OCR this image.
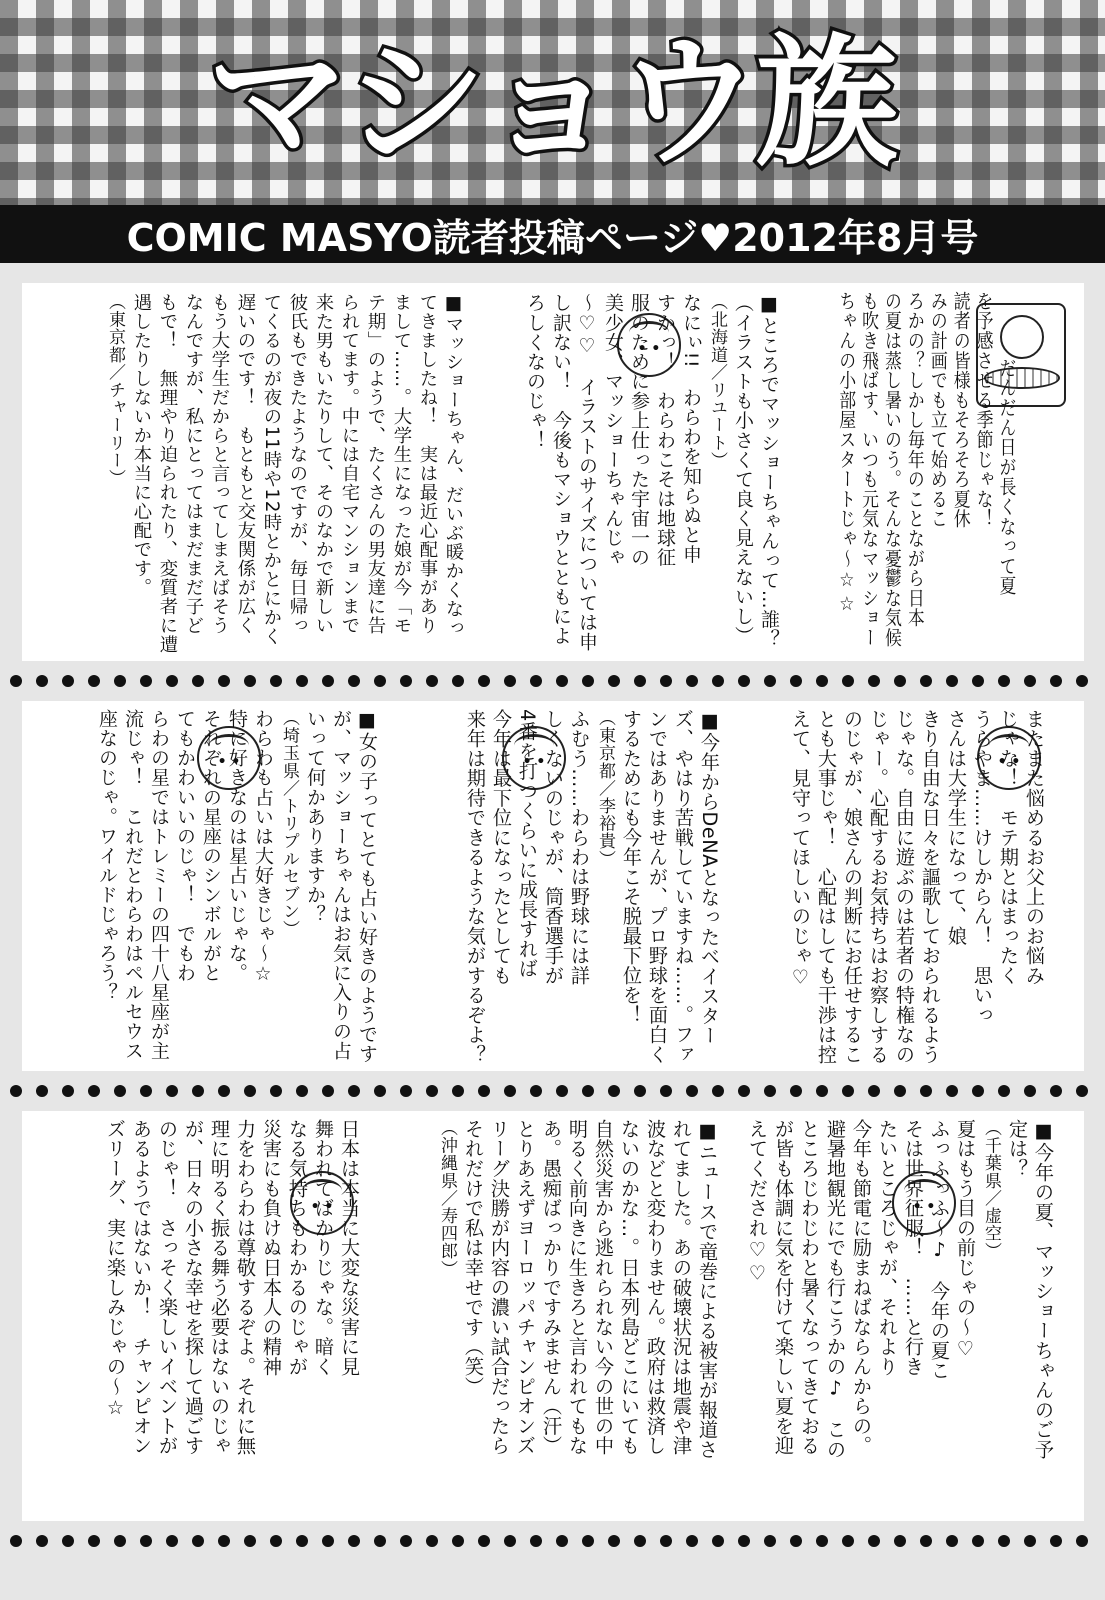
マショウ族
COMIC MASYO読者投稿ページ♥2012年8月号

だんだん日が長くなって夏
を予感させる季節じゃな！
読者の皆様もそろそろ夏休
みの計画でも立て始めるこ
ろかの？しかし毎年のことながら日本
の夏は蒸し暑いのう。そんな憂鬱な気候
も吹き飛ばす、いつも元気なマッショー
ちゃんの小部屋スタートじゃ～☆☆

• •
■ところでマッショーちゃんって…誰？
（イラストも小さくて良く見えないし）
（北海道／リユート）
なにぃ!!　わらわを知らぬと申
すかっ！　わらわこそは地球征
服のために参上仕った宇宙一の
美少女、マッショーちゃんじゃ
～♡♡　イラストのサイズについては申
し訳ない！　今後もマショウとともによ
ろしくなのじゃ！
■マッショーちゃん、だいぶ暖かくなっ
てきましたね！　実は最近心配事があり
まして……。大学生になった娘が今「モ
テ期」のようで、たくさんの男友達に告
られてます。中には自宅マンションまで
来た男もいたりして、そのなかで新しい
彼氏もできたようなのですが、毎日帰っ
てくるのが夜の11時や12時とかとにかく
遅いのです！　もともと交友関係が広く
もう大学生だからと言ってしまえばそう
なんですが、私にとってはまだまだ子ど
もで！　無理やり迫られたり、変質者に遭
遇したりしないか本当に心配です。
（東京都／チャーリー）
• •
またまた悩めるお父上のお悩み
じゃな！　モテ期とはまったく
うらやま……けしからん！　思いっ
さんは大学生になって、娘
きり自由な日々を謳歌しておられるよう
じゃな。自由に遊ぶのは若者の特権なの
じゃー。心配するお気持ちはお察しする
のじゃが、娘さんの判断にお任せするこ
とも大事じゃ！　心配はしても干渉は控
えて、見守ってほしいのじゃ♡
• •
■今年からDeNAとなったベイスター
ズ、やはり苦戦していますね……。ファ
ンではありませんが、プロ野球を面白く
するためにも今年こそ脱最下位を！
（東京都／李裕貴）
ふむう……わらわは野球には詳
しくないのじゃが、筒香選手が
4番を打つくらいに成長すれば
今年は最下位になったとしても
来年は期待できるような気がするぞよ？
• •
■女の子ってとても占い好きのようです
が、マッショーちゃんはお気に入りの占
いって何かありますか？
（埼玉県／トリプルセブン）
わらわも占いは大好きじゃ～☆
特に好きなのは星占いじゃな。
それぞれの星座のシンボルがと
てもかわいいのじゃ！　でもわ
らわの星ではトレミーの四十八星座が主
流じゃ！　これだとわらわはペルセウス
座なのじゃ。ワイルドじゃろう？
• •
■今年の夏、マッショーちゃんのご予
定は？
（千葉県／虚空）
夏はもう目の前じゃの～♡
ふっふっふ～♪　今年の夏こ
そは世界征服！　……と行き
たいところじゃが、それより
今年も節電に励まねばならんからの。
避暑地観光にでも行こうかの♪　この
ところじわじわと暑くなってきておる
が皆も体調に気を付けて楽しい夏を迎
えてくだされ♡♡
■ニュースで竜巻による被害が報道さ
れてました。あの破壊状況は地震や津
波などと変わりません。政府は救済し
ないのかな…。日本列島どこにいても
自然災害から逃れられない今の世の中
明るく前向きに生きろと言われてもな
あ。愚痴ばっかりですみません（汗）
とりあえずヨーロッパチャンピオンズ
リーグ決勝が内容の濃い試合だったら
それだけで私は幸せです（笑）
（沖縄県／寿四郎）
• •
日本は本当に大変な災害に見
舞われてばかりじゃな。暗く
なる気持ちもわかるのじゃが
災害にも負けぬ日本人の精神
力をわらわは尊敬するぞよ。それに無
理に明るく振る舞う必要はないのじゃ
が、日々の小さな幸せを探して過ごす
のじゃ！　さっそく楽しいイベントが
あるようではないか！　チャンピオン
ズリーグ、実に楽しみじゃの～☆
